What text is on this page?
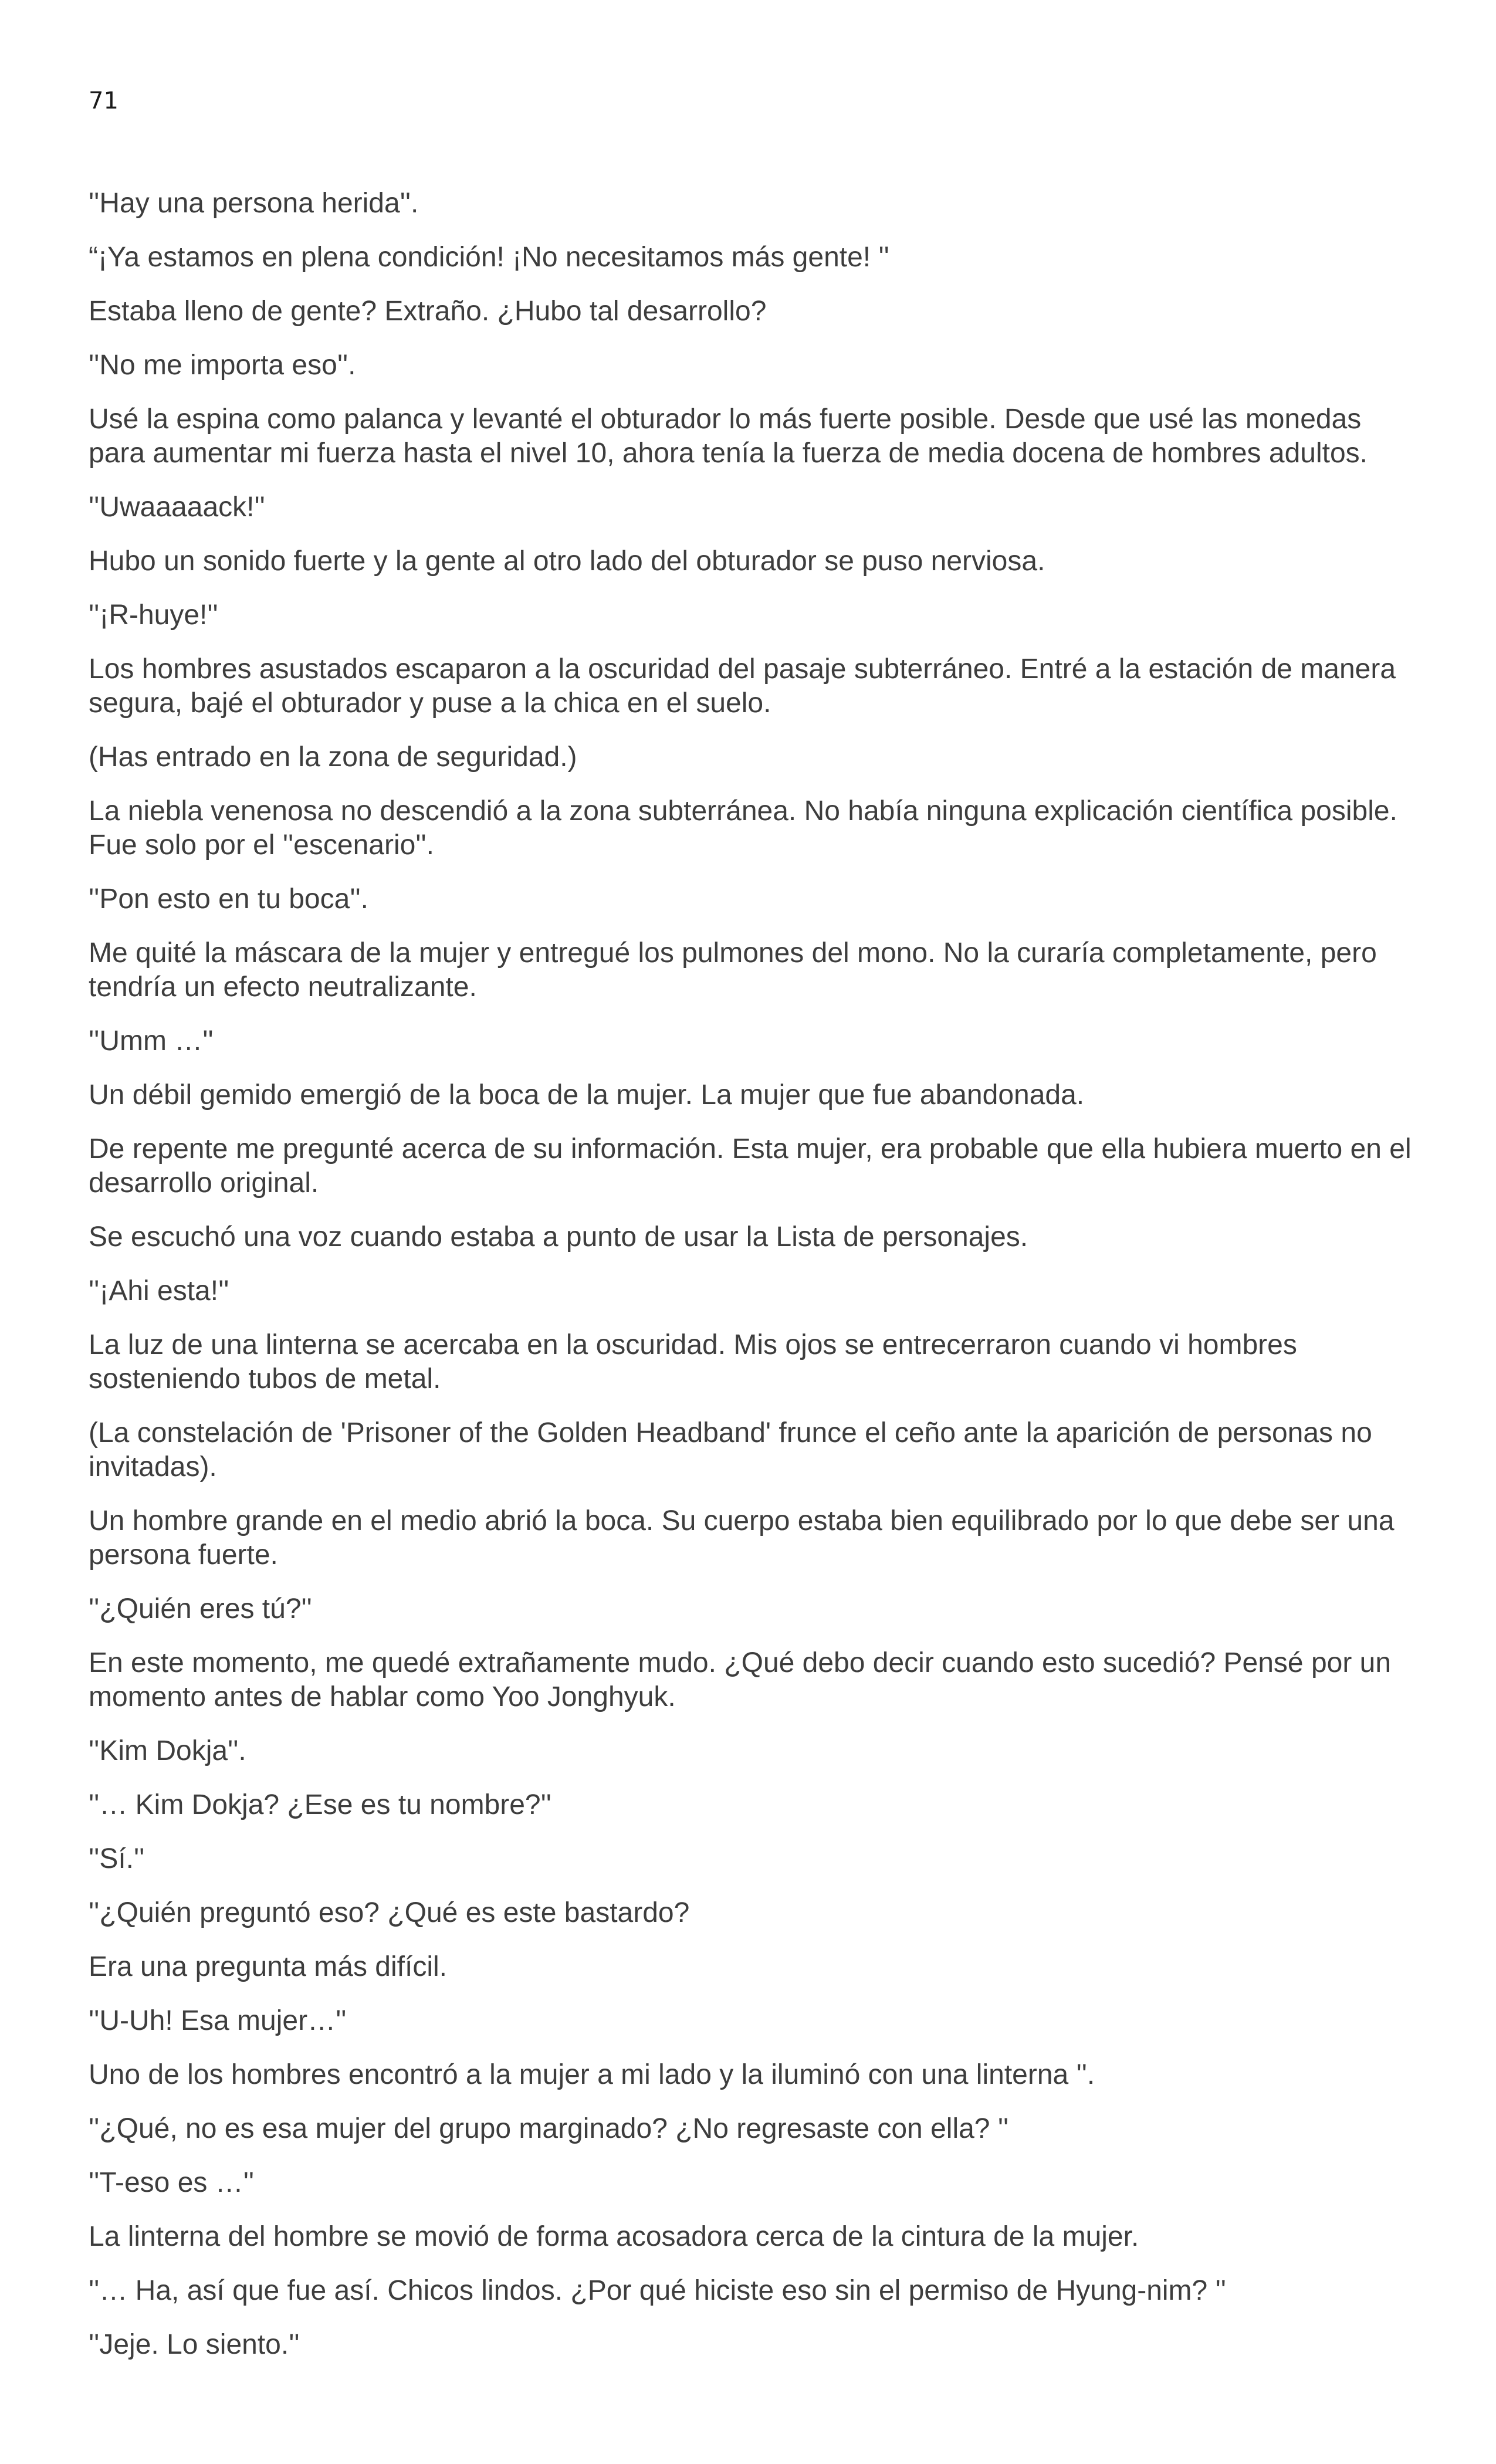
71

''Hay una persona herida''.

“¡Ya estamos en plena condición! ¡No necesitamos más gente! ''

Estaba lleno de gente? Extraño. ¿Hubo tal desarrollo?

''No me importa eso''.

Usé la espina como palanca y levanté el obturador lo más fuerte posible. Desde que usé las monedas para aumentar mi fuerza hasta el nivel 10, ahora tenía la fuerza de media docena de hombres adultos.

''Uwaaaaack!''

Hubo un sonido fuerte y la gente al otro lado del obturador se puso nerviosa.

''¡R-huye!''

Los hombres asustados escaparon a la oscuridad del pasaje subterráneo. Entré a la estación de manera segura, bajé el obturador y puse a la chica en el suelo.

(Has entrado en la zona de seguridad.)

La niebla venenosa no descendió a la zona subterránea. No había ninguna explicación científica posible. Fue solo por el ''escenario''.

''Pon esto en tu boca''.

Me quité la máscara de la mujer y entregué los pulmones del mono. No la curaría completamente, pero tendría un efecto neutralizante.

''Umm …''

Un débil gemido emergió de la boca de la mujer. La mujer que fue abandonada.

De repente me pregunté acerca de su información. Esta mujer, era probable que ella hubiera muerto en el desarrollo original.

Se escuchó una voz cuando estaba a punto de usar la Lista de personajes.

''¡Ahi esta!''

La luz de una linterna se acercaba en la oscuridad. Mis ojos se entrecerraron cuando vi hombres sosteniendo tubos de metal.

(La constelación de 'Prisoner of the Golden Headband' frunce el ceño ante la aparición de personas no invitadas).

Un hombre grande en el medio abrió la boca. Su cuerpo estaba bien equilibrado por lo que debe ser una persona fuerte.

''¿Quién eres tú?''

En este momento, me quedé extrañamente mudo. ¿Qué debo decir cuando esto sucedió? Pensé por un momento antes de hablar como Yoo Jonghyuk.

''Kim Dokja''.

''… Kim Dokja? ¿Ese es tu nombre?''

''Sí.''

''¿Quién preguntó eso? ¿Qué es este bastardo?

Era una pregunta más difícil.

''U-Uh! Esa mujer…''

Uno de los hombres encontró a la mujer a mi lado y la iluminó con una linterna ''.

''¿Qué, no es esa mujer del grupo marginado? ¿No regresaste con ella? ''

''T-eso es …''

La linterna del hombre se movió de forma acosadora cerca de la cintura de la mujer.

''… Ha, así que fue así. Chicos lindos. ¿Por qué hiciste eso sin el permiso de Hyung-nim? ''

''Jeje. Lo siento.''
